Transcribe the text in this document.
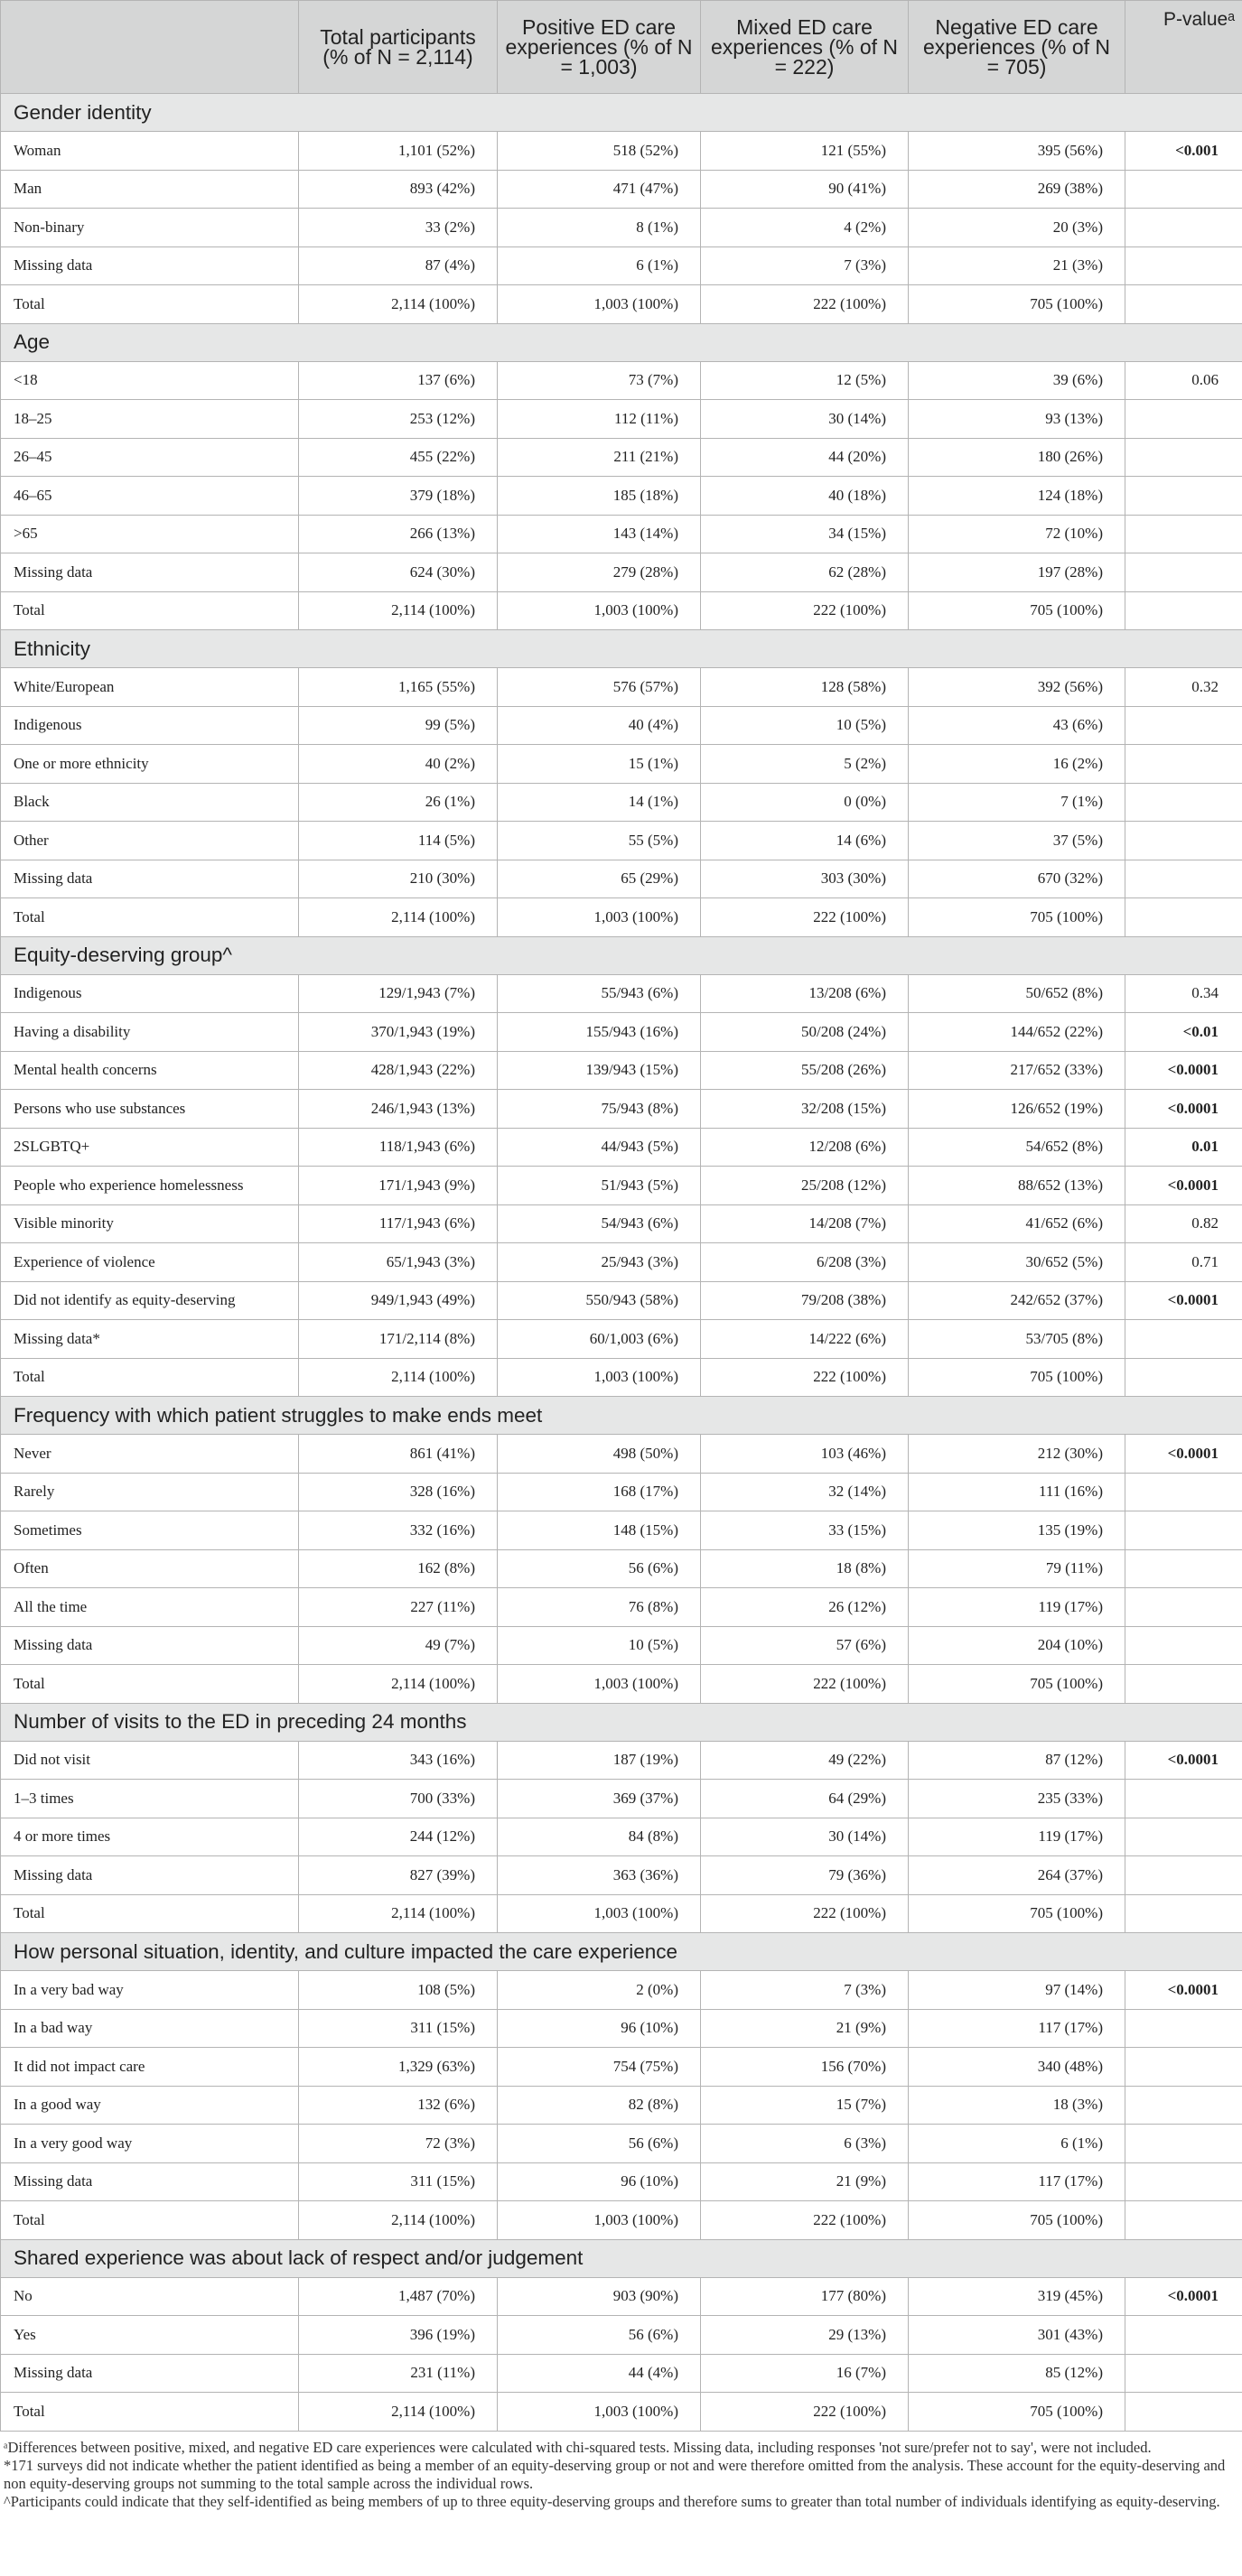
	Total participants (% of N = 2,114)	Positive ED care experiences (% of N = 1,003)	Mixed ED care experiences (% of N = 222)	Negative ED care experiences (% of N = 705)	P-valueᵃ
Gender identity					
Woman	1,101 (52%)	518 (52%)	121 (55%)	395 (56%)	<0.001
Man	893 (42%)	471 (47%)	90 (41%)	269 (38%)	
Non-binary	33 (2%)	8 (1%)	4 (2%)	20 (3%)	
Missing data	87 (4%)	6 (1%)	7 (3%)	21 (3%)	
Total	2,114 (100%)	1,003 (100%)	222 (100%)	705 (100%)	
Age					
<18	137 (6%)	73 (7%)	12 (5%)	39 (6%)	0.06
18–25	253 (12%)	112 (11%)	30 (14%)	93 (13%)	
26–45	455 (22%)	211 (21%)	44 (20%)	180 (26%)	
46–65	379 (18%)	185 (18%)	40 (18%)	124 (18%)	
>65	266 (13%)	143 (14%)	34 (15%)	72 (10%)	
Missing data	624 (30%)	279 (28%)	62 (28%)	197 (28%)	
Total	2,114 (100%)	1,003 (100%)	222 (100%)	705 (100%)	
Ethnicity					
White/European	1,165 (55%)	576 (57%)	128 (58%)	392 (56%)	0.32
Indigenous	99 (5%)	40 (4%)	10 (5%)	43 (6%)	
One or more ethnicity	40 (2%)	15 (1%)	5 (2%)	16 (2%)	
Black	26 (1%)	14 (1%)	0 (0%)	7 (1%)	
Other	114 (5%)	55 (5%)	14 (6%)	37 (5%)	
Missing data	210 (30%)	65 (29%)	303 (30%)	670 (32%)	
Total	2,114 (100%)	1,003 (100%)	222 (100%)	705 (100%)	
Equity-deserving group^					
Indigenous	129/1,943 (7%)	55/943 (6%)	13/208 (6%)	50/652 (8%)	0.34
Having a disability	370/1,943 (19%)	155/943 (16%)	50/208 (24%)	144/652 (22%)	<0.01
Mental health concerns	428/1,943 (22%)	139/943 (15%)	55/208 (26%)	217/652 (33%)	<0.0001
Persons who use substances	246/1,943 (13%)	75/943 (8%)	32/208 (15%)	126/652 (19%)	<0.0001
2SLGBTQ+	118/1,943 (6%)	44/943 (5%)	12/208 (6%)	54/652 (8%)	0.01
People who experience homelessness	171/1,943 (9%)	51/943 (5%)	25/208 (12%)	88/652 (13%)	<0.0001
Visible minority	117/1,943 (6%)	54/943 (6%)	14/208 (7%)	41/652 (6%)	0.82
Experience of violence	65/1,943 (3%)	25/943 (3%)	6/208 (3%)	30/652 (5%)	0.71
Did not identify as equity-deserving	949/1,943 (49%)	550/943 (58%)	79/208 (38%)	242/652 (37%)	<0.0001
Missing data*	171/2,114 (8%)	60/1,003 (6%)	14/222 (6%)	53/705 (8%)	
Total	2,114 (100%)	1,003 (100%)	222 (100%)	705 (100%)	
Frequency with which patient struggles to make ends meet					
Never	861 (41%)	498 (50%)	103 (46%)	212 (30%)	<0.0001
Rarely	328 (16%)	168 (17%)	32 (14%)	111 (16%)	
Sometimes	332 (16%)	148 (15%)	33 (15%)	135 (19%)	
Often	162 (8%)	56 (6%)	18 (8%)	79 (11%)	
All the time	227 (11%)	76 (8%)	26 (12%)	119 (17%)	
Missing data	49 (7%)	10 (5%)	57 (6%)	204 (10%)	
Total	2,114 (100%)	1,003 (100%)	222 (100%)	705 (100%)	
Number of visits to the ED in preceding 24 months					
Did not visit	343 (16%)	187 (19%)	49 (22%)	87 (12%)	<0.0001
1–3 times	700 (33%)	369 (37%)	64 (29%)	235 (33%)	
4 or more times	244 (12%)	84 (8%)	30 (14%)	119 (17%)	
Missing data	827 (39%)	363 (36%)	79 (36%)	264 (37%)	
Total	2,114 (100%)	1,003 (100%)	222 (100%)	705 (100%)	
How personal situation, identity, and culture impacted the care experience					
In a very bad way	108 (5%)	2 (0%)	7 (3%)	97 (14%)	<0.0001
In a bad way	311 (15%)	96 (10%)	21 (9%)	117 (17%)	
It did not impact care	1,329 (63%)	754 (75%)	156 (70%)	340 (48%)	
In a good way	132 (6%)	82 (8%)	15 (7%)	18 (3%)	
In a very good way	72 (3%)	56 (6%)	6 (3%)	6 (1%)	
Missing data	311 (15%)	96 (10%)	21 (9%)	117 (17%)	
Total	2,114 (100%)	1,003 (100%)	222 (100%)	705 (100%)	
Shared experience was about lack of respect and/or judgement					
No	1,487 (70%)	903 (90%)	177 (80%)	319 (45%)	<0.0001
Yes	396 (19%)	56 (6%)	29 (13%)	301 (43%)	
Missing data	231 (11%)	44 (4%)	16 (7%)	85 (12%)	
Total	2,114 (100%)	1,003 (100%)	222 (100%)	705 (100%)	

ᵃDifferences between positive, mixed, and negative ED care experiences were calculated with chi-squared tests. Missing data, including responses 'not sure/prefer not to say', were not included.

*171 surveys did not indicate whether the patient identified as being a member of an equity-deserving group or not and were therefore omitted from the analysis. These account for the equity-deserving and non equity-deserving groups not summing to the total sample across the individual rows.

^Participants could indicate that they self-identified as being members of up to three equity-deserving groups and therefore sums to greater than total number of individuals identifying as equity-deserving.
